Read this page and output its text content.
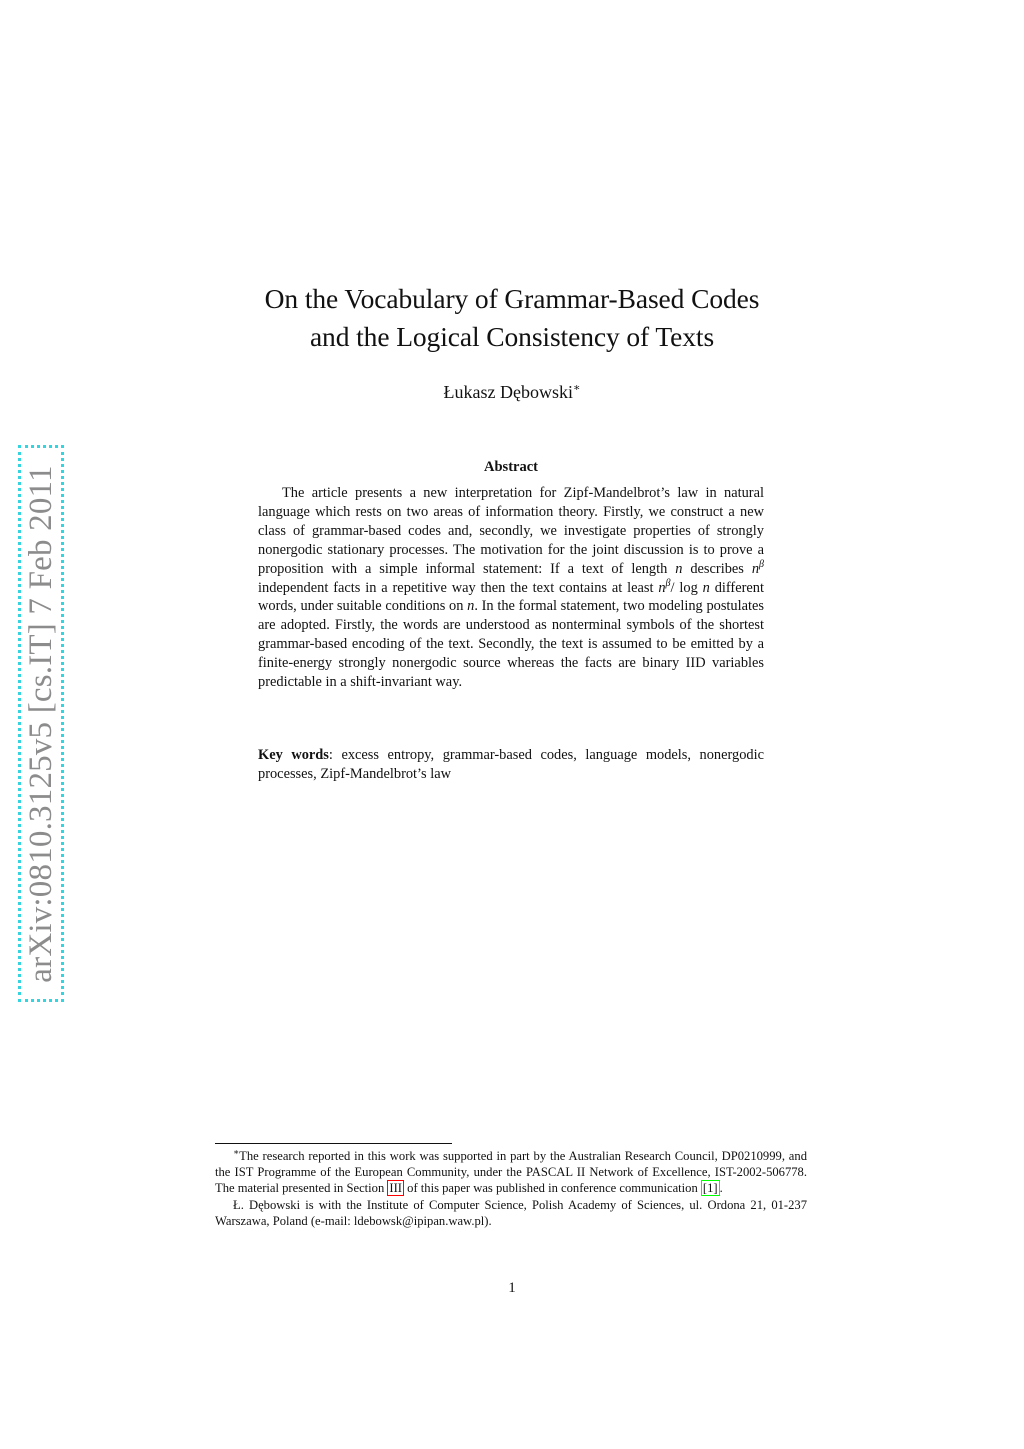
arXiv:0810.3125v5 [cs.IT] 7 Feb 2011
On the Vocabulary of Grammar-Based Codes
and the Logical Consistency of Texts
Łukasz Dębowski∗
Abstract

The article presents a new interpretation for Zipf-Mandelbrot’s law in natural language which rests on two areas of information theory. Firstly, we construct a new class of grammar-based codes and, secondly, we investigate properties of strongly nonergodic stationary processes. The motivation for the joint discussion is to prove a proposition with a simple informal statement: If a text of length n describes $n^\beta$ independent facts in a repetitive way then the text contains at least $n^\beta/$ log n different words, under suitable conditions on n. In the formal statement, two modeling postulates are adopted. Firstly, the words are understood as nonterminal symbols of the shortest grammar-based encoding of the text. Secondly, the text is assumed to be emitted by a finite-energy strongly nonergodic source whereas the facts are binary IID variables predictable in a shift-invariant way.

Key words: excess entropy, grammar-based codes, language models, nonergodic processes, Zipf-Mandelbrot’s law

∗The research reported in this work was supported in part by the Australian Research Council, DP0210999, and the IST Programme of the European Community, under the PASCAL II Network of Excellence, IST-2002-506778. The material presented in Section III of this paper was published in conference communication [1] .

Ł. Dębowski is with the Institute of Computer Science, Polish Academy of Sciences, ul. Ordona 21, 01-237 Warszawa, Poland (e-mail: ldebowsk@ipipan.waw.pl).

1
